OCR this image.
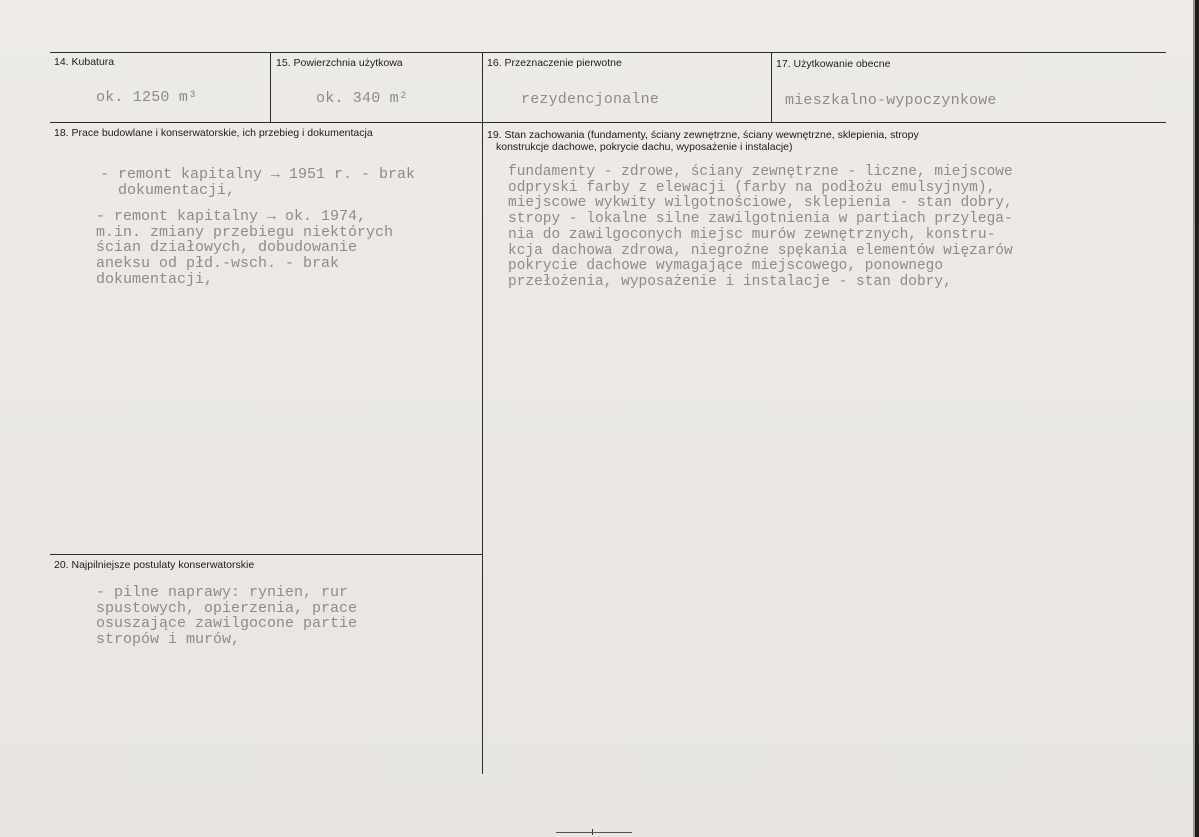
14. Kubatura	15. Powierzchnia użytkowa	16. Przeznaczenie pierwotne	17. Użytkowanie obecne
ok. 1250 m³	ok. 340 m²	rezydencjonalne	mieszkalno-wypoczynkowe
18. Prace budowlane i konserwatorskie, ich przebieg i dokumentacja
- remont kapitalny → 1951 r. - brak
dokumentacji,
- remont kapitalny → ok. 1974,
m.in. zmiany przebiegu niektórych
ścian działowych, dobudowanie
aneksu od płd.-wsch. - brak
dokumentacji,
19. Stan zachowania (fundamenty, ściany zewnętrzne, ściany wewnętrzne, sklepienia, stropy
konstrukcje dachowe, pokrycie dachu, wyposażenie i instalacje)
fundamenty - zdrowe, ściany zewnętrzne - liczne, miejscowe
odpryski farby z elewacji (farby na podłożu emulsyjnym),
miejscowe wykwity wilgotnościowe, sklepienia - stan dobry,
stropy - lokalne silne zawilgotnienia w partiach przylega-
nia do zawilgoconych miejsc murów zewnętrznych, konstru-
kcja dachowa zdrowa, niegroźne spękania elementów więzarów
pokrycie dachowe wymagające miejscowego, ponownego
przełożenia, wyposażenie i instalacje - stan dobry,
20. Najpilniejsze postulaty konserwatorskie
- pilne naprawy: rynien, rur
spustowych, opierzenia, prace
osuszające zawilgocone partie
stropów i murów,
